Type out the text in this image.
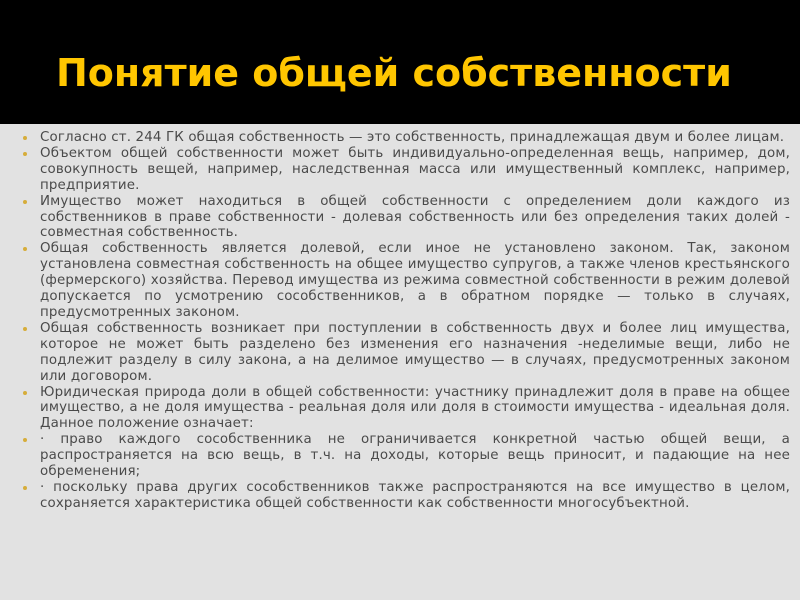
Понятие общей собственности
Согласно ст. 244 ГК общая собственность — это собственность, принадлежащая двум и более лицам.
Объектом общей собственности может быть индивидуально-определенная вещь, например, дом, совокупность вещей, например, наследственная масса или имущественный комплекс, например, предприятие.
Имущество может находиться в общей собственности с определением доли каждого из собственников в праве собственности - долевая собственность или без определения таких долей - совместная собственность.
Общая собственность является долевой, если иное не установлено законом. Так, законом установлена совместная собственность на общее имущество супругов, а также членов крестьянского (фермерского) хозяйства. Перевод имущества из режима совместной собственности в режим долевой допускается по усмотрению сособственников, а в обратном порядке — только в случаях, предусмотренных законом.
Общая собственность возникает при поступлении в собственность двух и более лиц имущества, которое не может быть разделено без изменения его назначения -неделимые вещи, либо не подлежит разделу в силу закона, а на делимое имущество — в случаях, предусмотренных законом или договором.
Юридическая природа доли в общей собственности: участнику принадлежит доля в праве на общее имущество, а не доля имущества - реальная доля или доля в стоимости имущества - идеальная доля. Данное положение означает:
· право каждого сособственника не ограничивается конкретной частью общей вещи, а распространяется на всю вещь, в т.ч. на доходы, которые вещь приносит, и падающие на нее обременения;
· поскольку права других сособственников также распространяются на все имущество в целом, сохраняется характеристика общей собственности как собственности многосубъектной.
